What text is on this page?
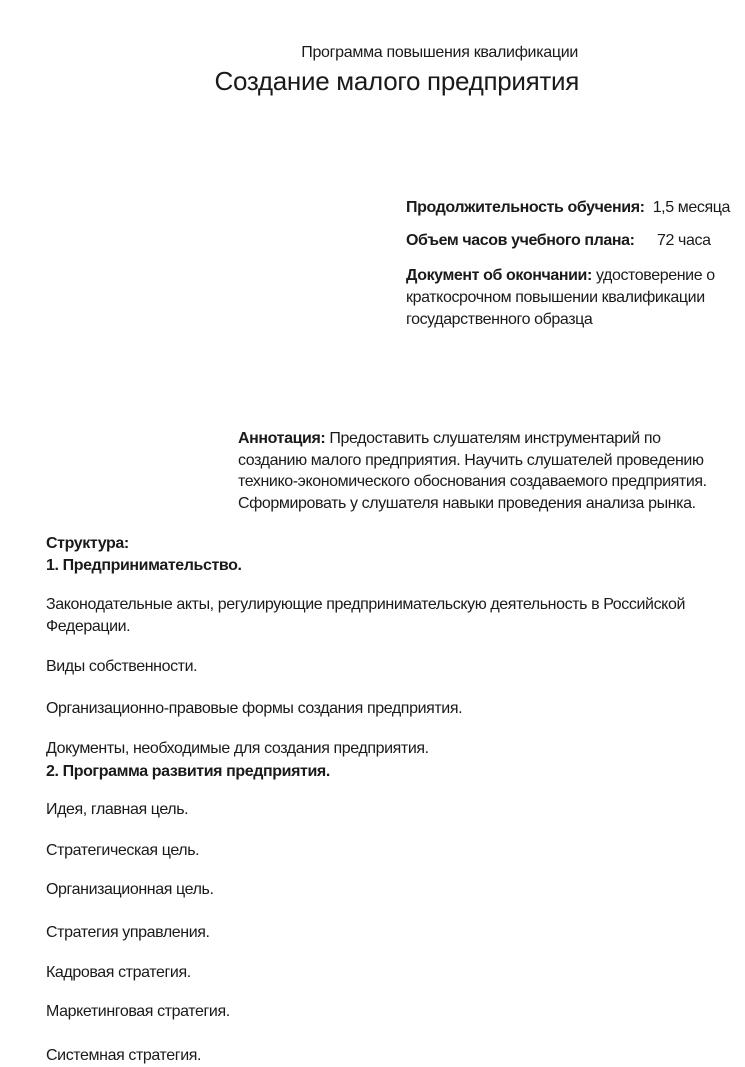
Программа повышения квалификации
Создание малого предприятия
Продолжительность обучения: 1,5 месяца
Объем часов учебного плана: 72 часа
Документ об окончании: удостоверение о
краткосрочном повышении квалификации
государственного образца
Аннотация: Предоставить слушателям инструментарий по созданию малого предприятия. Научить слушателей проведению технико-экономического обоснования создаваемого предприятия. Сформировать у слушателя навыки проведения анализа рынка.
Структура:
1. Предпринимательство.
Законодательные акты, регулирующие предпринимательскую деятельность в Российской
Федерации.
Виды собственности.
Организационно-правовые формы создания предприятия.
Документы, необходимые для создания предприятия.
2. Программа развития предприятия.
Идея, главная цель.
Стратегическая цель.
Организационная цель.
Стратегия управления.
Кадровая стратегия.
Маркетинговая стратегия.
Системная стратегия.
